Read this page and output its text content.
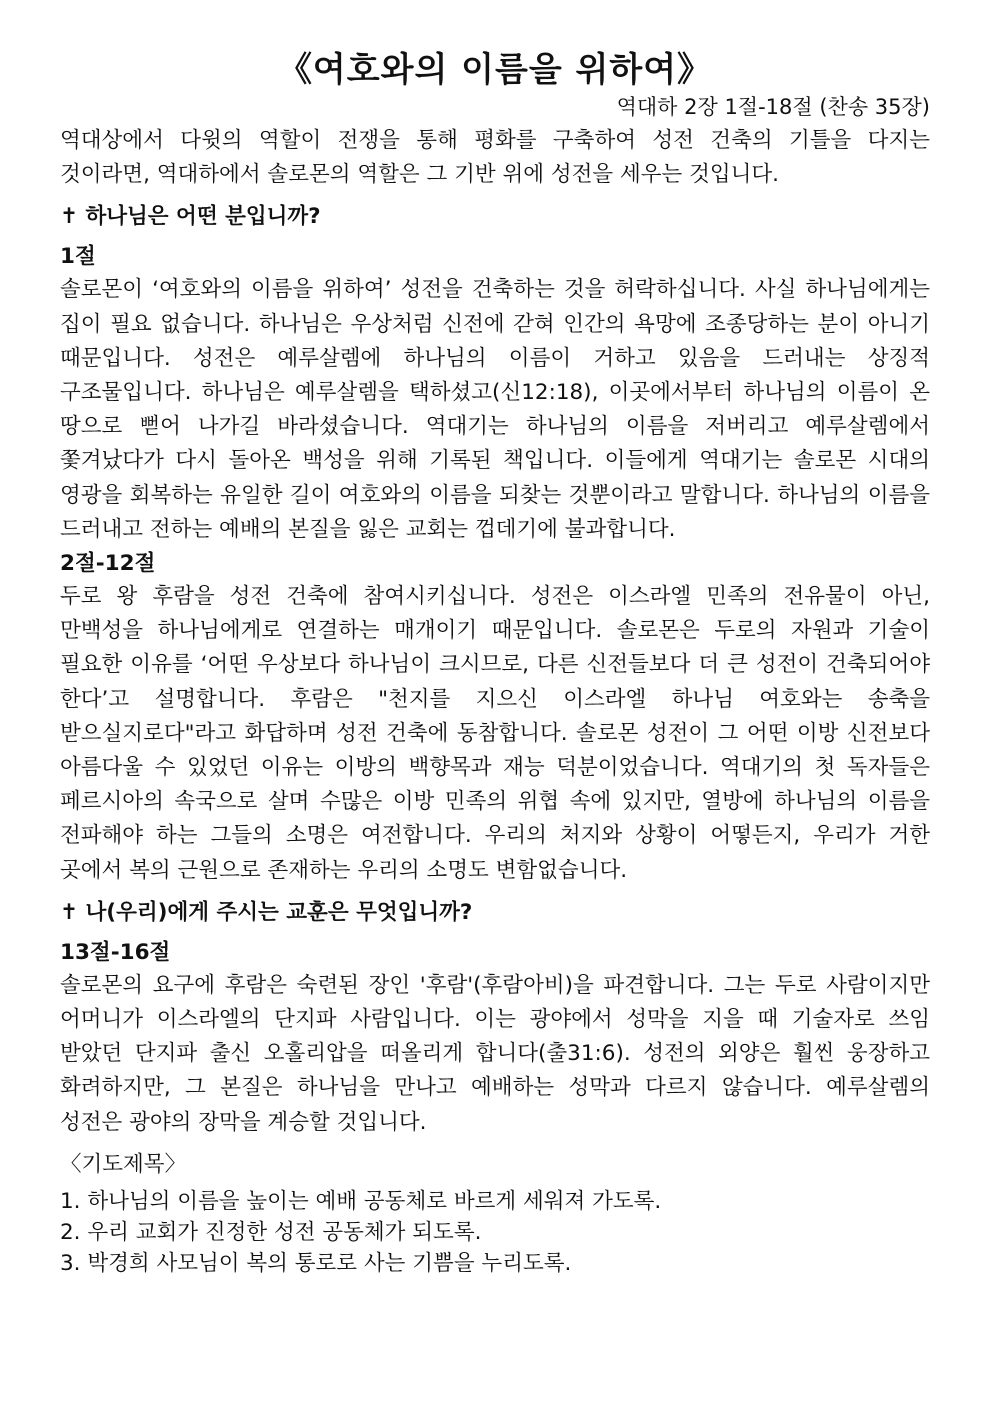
《여호와의 이름을 위하여》

역대하 2장 1절-18절 (찬송 35장)

역대상에서 다윗의 역할이 전쟁을 통해 평화를 구축하여 성전 건축의 기틀을 다지는 것이라면, 역대하에서 솔로몬의 역할은 그 기반 위에 성전을 세우는 것입니다.

✝ 하나님은 어떤 분입니까?

1절

솔로몬이 ‘여호와의 이름을 위하여’ 성전을 건축하는 것을 허락하십니다. 사실 하나님에게는 집이 필요 없습니다. 하나님은 우상처럼 신전에 갇혀 인간의 욕망에 조종당하는 분이 아니기 때문입니다. 성전은 예루살렘에 하나님의 이름이 거하고 있음을 드러내는 상징적 구조물입니다. 하나님은 예루살렘을 택하셨고(신12:18), 이곳에서부터 하나님의 이름이 온 땅으로 뻗어 나가길 바라셨습니다. 역대기는 하나님의 이름을 저버리고 예루살렘에서 쫓겨났다가 다시 돌아온 백성을 위해 기록된 책입니다. 이들에게 역대기는 솔로몬 시대의 영광을 회복하는 유일한 길이 여호와의 이름을 되찾는 것뿐이라고 말합니다. 하나님의 이름을 드러내고 전하는 예배의 본질을 잃은 교회는 껍데기에 불과합니다.

2절-12절

두로 왕 후람을 성전 건축에 참여시키십니다. 성전은 이스라엘 민족의 전유물이 아닌, 만백성을 하나님에게로 연결하는 매개이기 때문입니다. 솔로몬은 두로의 자원과 기술이 필요한 이유를 ‘어떤 우상보다 하나님이 크시므로, 다른 신전들보다 더 큰 성전이 건축되어야 한다’고 설명합니다. 후람은 "천지를 지으신 이스라엘 하나님 여호와는 송축을 받으실지로다"라고 화답하며 성전 건축에 동참합니다. 솔로몬 성전이 그 어떤 이방 신전보다 아름다울 수 있었던 이유는 이방의 백향목과 재능 덕분이었습니다. 역대기의 첫 독자들은 페르시아의 속국으로 살며 수많은 이방 민족의 위협 속에 있지만, 열방에 하나님의 이름을 전파해야 하는 그들의 소명은 여전합니다. 우리의 처지와 상황이 어떻든지, 우리가 거한 곳에서 복의 근원으로 존재하는 우리의 소명도 변함없습니다.

✝ 나(우리)에게 주시는 교훈은 무엇입니까?

13절-16절

솔로몬의 요구에 후람은 숙련된 장인 '후람'(후람아비)을 파견합니다. 그는 두로 사람이지만 어머니가 이스라엘의 단지파 사람입니다. 이는 광야에서 성막을 지을 때 기술자로 쓰임 받았던 단지파 출신 오홀리압을 떠올리게 합니다(출31:6). 성전의 외양은 훨씬 웅장하고 화려하지만, 그 본질은 하나님을 만나고 예배하는 성막과 다르지 않습니다. 예루살렘의 성전은 광야의 장막을 계승할 것입니다.

〈기도제목〉

1. 하나님의 이름을 높이는 예배 공동체로 바르게 세워져 가도록.
2. 우리 교회가 진정한 성전 공동체가 되도록.
3. 박경희 사모님이 복의 통로로 사는 기쁨을 누리도록.
